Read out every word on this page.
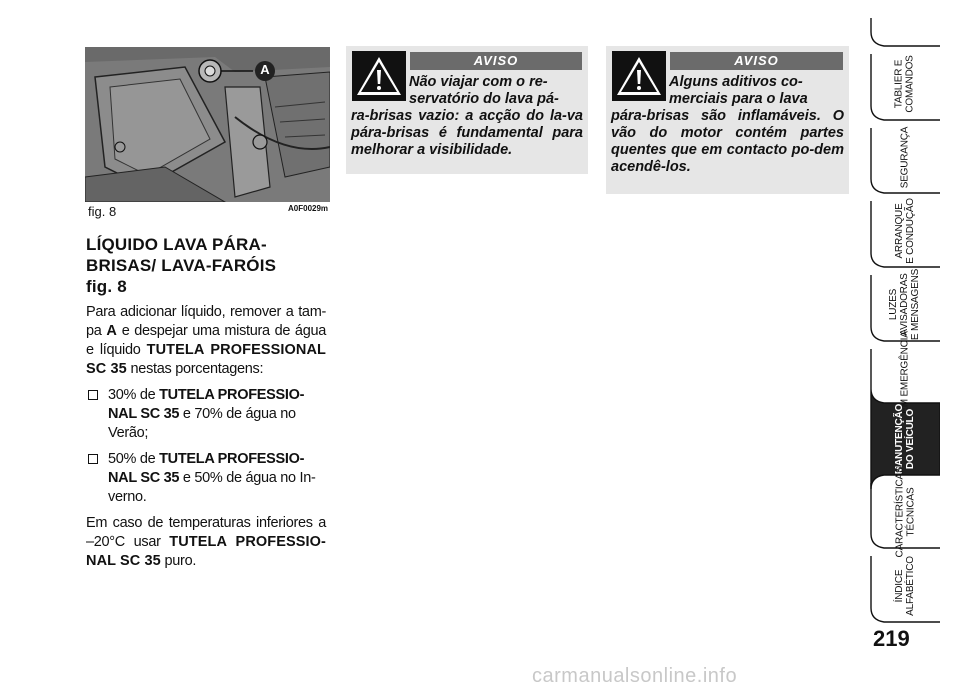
A
fig. 8	A0F0029m
LÍQUIDO LAVA PÁRA-
BRISAS/ LAVA-FARÓIS
fig. 8

Para adicionar líquido, remover a tam-pa A e despejar uma mistura de água e líquido TUTELA PROFESSIONAL SC 35 nestas porcentagens:

30% de TUTELA PROFESSIO-NAL SC 35 e 70% de água no Verão;
50% de TUTELA PROFESSIO-NAL SC 35 e 50% de água no In-verno.

Em caso de temperaturas inferiores a –20°C usar TUTELA PROFESSIO-NAL SC 35 puro.

AVISO
Não viajar com o re-
servatório do lava pá-
ra-brisas vazio: a acção do la-va pára-brisas é fundamental para melhorar a visibilidade.
AVISO
Alguns aditivos co-
merciais para o lava
pára-brisas são inflamáveis. O vão do motor contém partes quentes que em contacto po-dem acendê-los.
TABLIER E
COMANDOS
SEGURANÇA
ARRANQUE
E CONDUÇÃO
LUZES
AVISADORAS
E MENSAGENS
EM EMERGÊNCIA
MANUTENÇÃO
DO VEÍCULO
CARACTERÍSTICAS
TÉCNICAS
ÍNDICE
ALFABÉTICO
219
carmanualsonline.info
